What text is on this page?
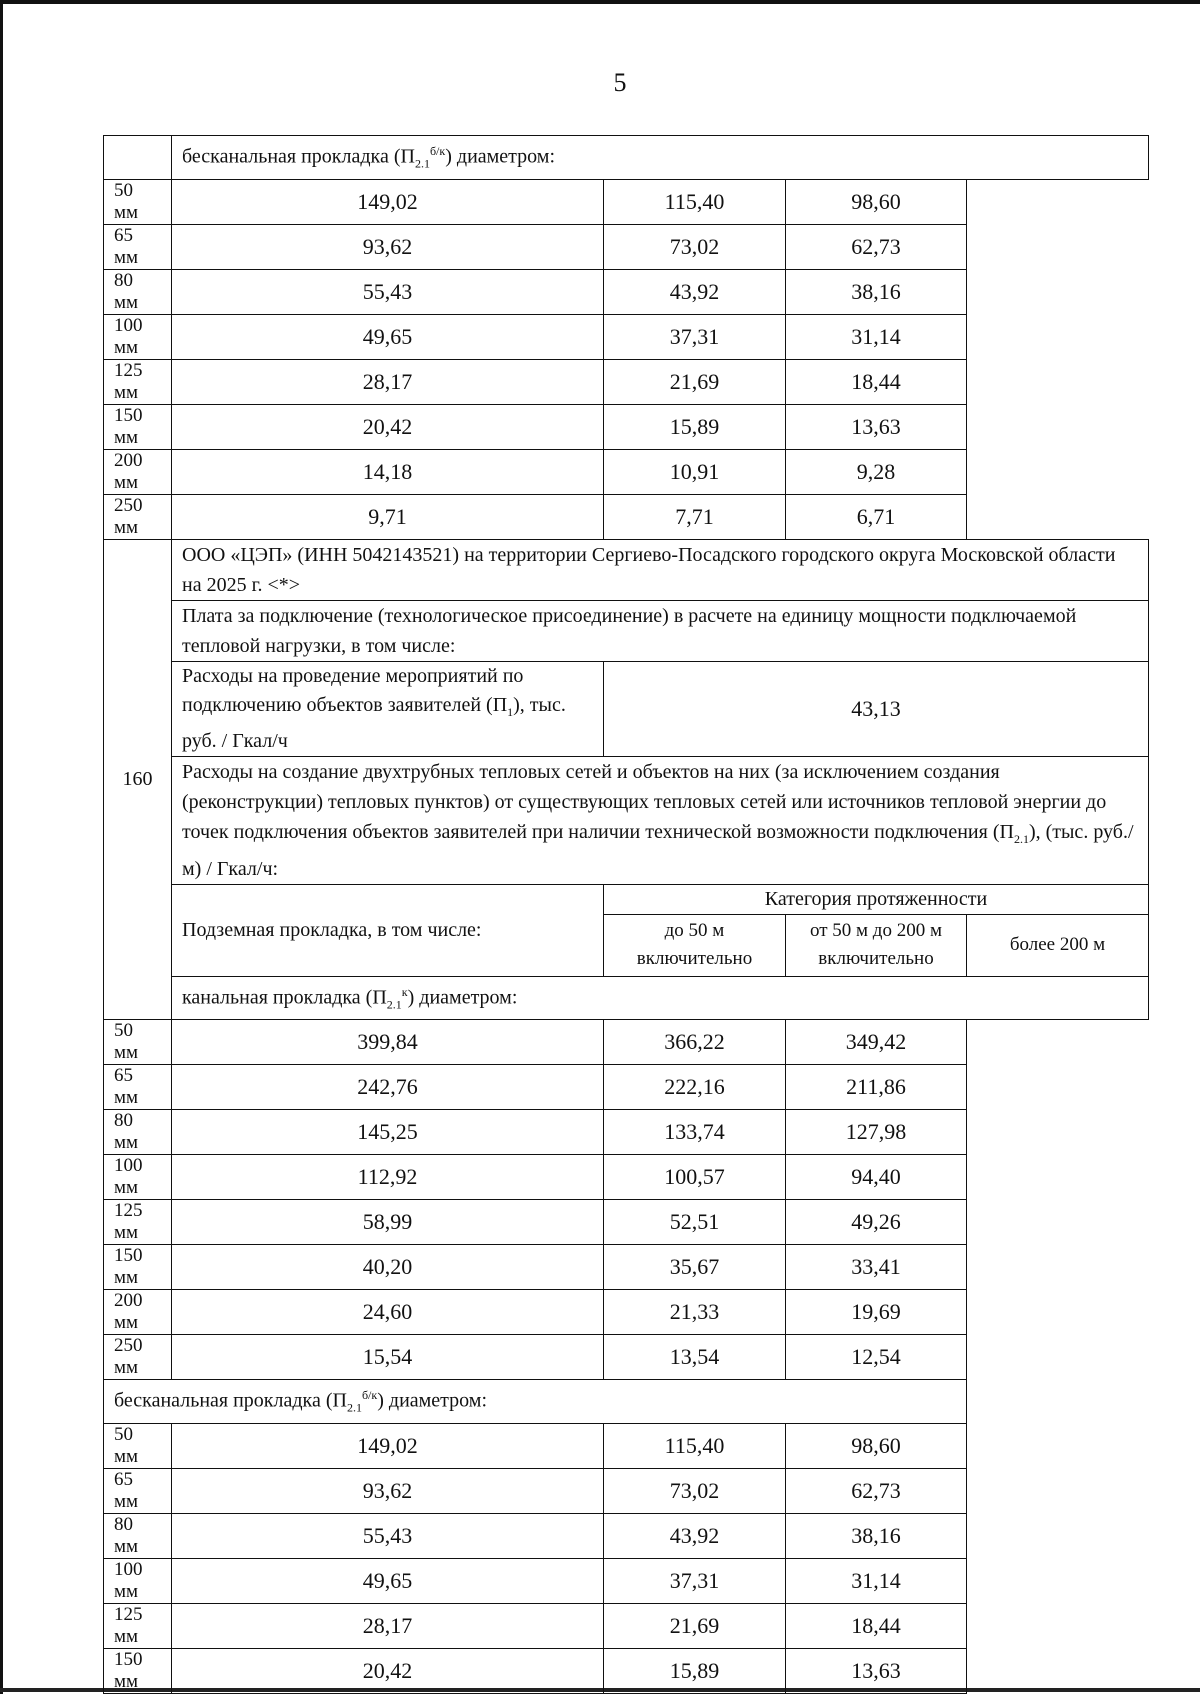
5
	бесканальная прокладка $(П_{2.1}^{б/к})$ диаметром:			
50 мм	149,02	115,40	98,60	
65 мм	93,62	73,02	62,73	
80 мм	55,43	43,92	38,16	
100 мм	49,65	37,31	31,14	
125 мм	28,17	21,69	18,44	
150 мм	20,42	15,89	13,63	
200 мм	14,18	10,91	9,28	
250 мм	9,71	7,71	6,71	
160	ООО «ЦЭП» (ИНН 5042143521) на территории Сергиево-Посадского городского округа Московской области на 2025 г. <*>			
	Плата за подключение (технологическое присоединение) в расчете на единицу мощности подключаемой тепловой нагрузки, в том числе:			
	Расходы на проведение мероприятий по подключению объектов заявителей $(П_1)$, тыс. руб. / Гкал/ч	43,13		
	Расходы на создание двухтрубных тепловых сетей и объектов на них (за исключением создания (реконструкции) тепловых пунктов) от существующих тепловых сетей или источников тепловой энергии до точек подключения объектов заявителей при наличии технической возможности подключения $(П_{2.1})$, (тыс. руб./м) / Гкал/ч:			
	Подземная прокладка, в том числе:	Категория протяженности		
		до 50 м включительно	от 50 м до 200 м включительно	более 200 м
	канальная прокладка $(П_{2.1}^к)$ диаметром:			
50 мм	399,84	366,22	349,42	
65 мм	242,76	222,16	211,86	
80 мм	145,25	133,74	127,98	
100 мм	112,92	100,57	94,40	
125 мм	58,99	52,51	49,26	
150 мм	40,20	35,67	33,41	
200 мм	24,60	21,33	19,69	
250 мм	15,54	13,54	12,54	
бесканальная прокладка $(П_{2.1}^{б/к})$ диаметром:				
50 мм	149,02	115,40	98,60	
65 мм	93,62	73,02	62,73	
80 мм	55,43	43,92	38,16	
100 мм	49,65	37,31	31,14	
125 мм	28,17	21,69	18,44	
150 мм	20,42	15,89	13,63	
